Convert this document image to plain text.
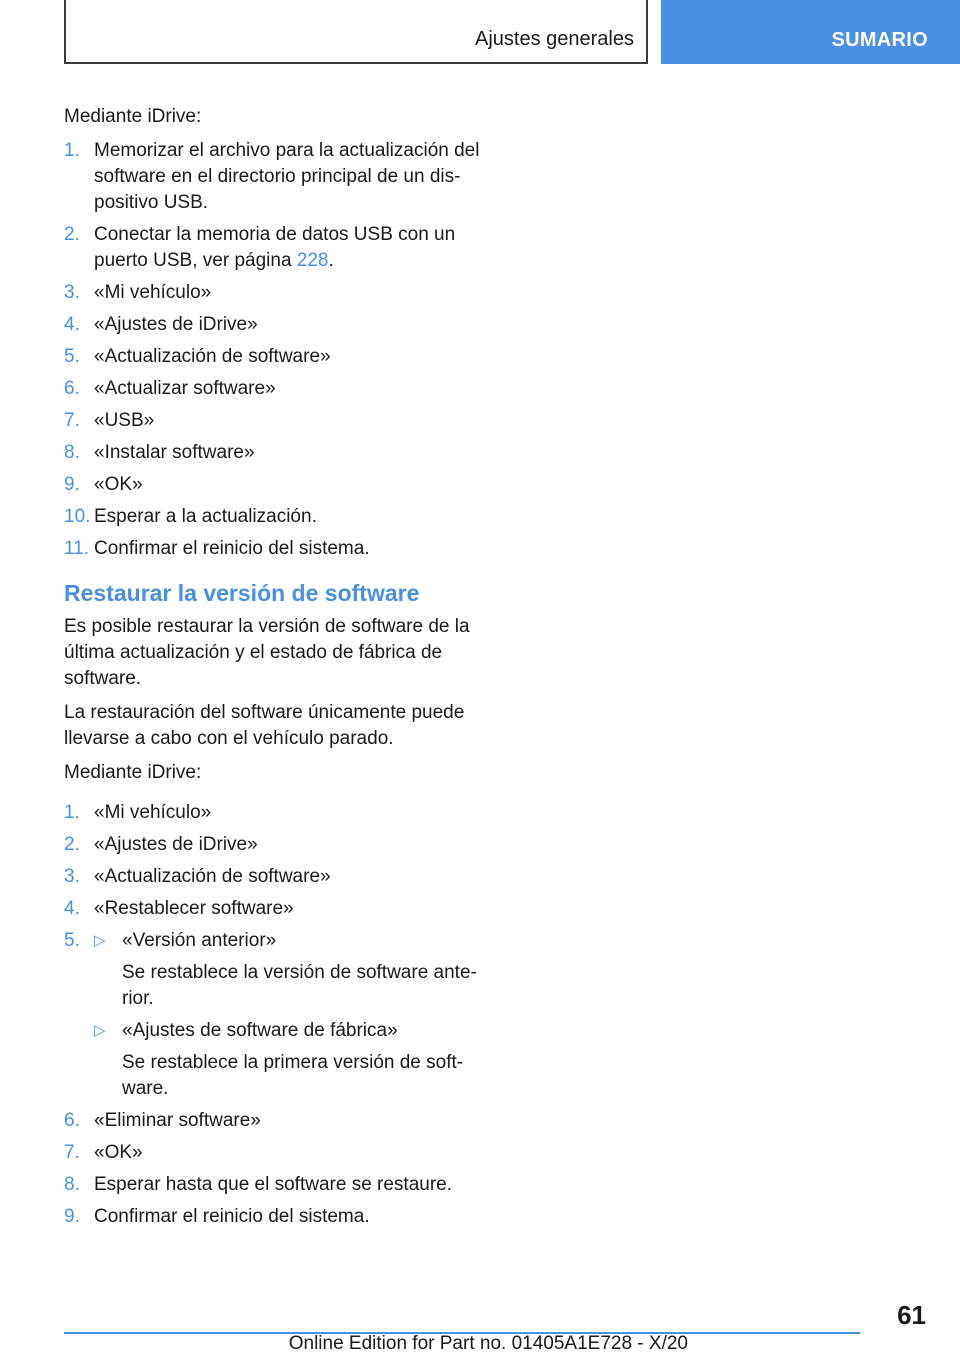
Ajustes generales	SUMARIO

Mediante iDrive:

1. Memorizar el archivo para la actualización del software en el directorio principal de un dis-positivo USB.
2. Conectar la memoria de datos USB con un puerto USB, ver página 228.
3. «Mi vehículo»
4. «Ajustes de iDrive»
5. «Actualización de software»
6. «Actualizar software»
7. «USB»
8. «Instalar software»
9. «OK»
10. Esperar a la actualización.
11. Confirmar el reinicio del sistema.
Restaurar la versión de software

Es posible restaurar la versión de software de la última actualización y el estado de fábrica de software.

La restauración del software únicamente puede llevarse a cabo con el vehículo parado.

Mediante iDrive:

1. «Mi vehículo»
2. «Ajustes de iDrive»
3. «Actualización de software»
4. «Restablecer software»
5. ▷ «Versión anterior»
Se restablece la versión de software ante-rior.
▷ «Ajustes de software de fábrica»
Se restablece la primera versión de soft-ware.
6. «Eliminar software»
7. «OK»
8. Esperar hasta que el software se restaure.
9. Confirmar el reinicio del sistema.
61
Online Edition for Part no. 01405A1E728 - X/20
